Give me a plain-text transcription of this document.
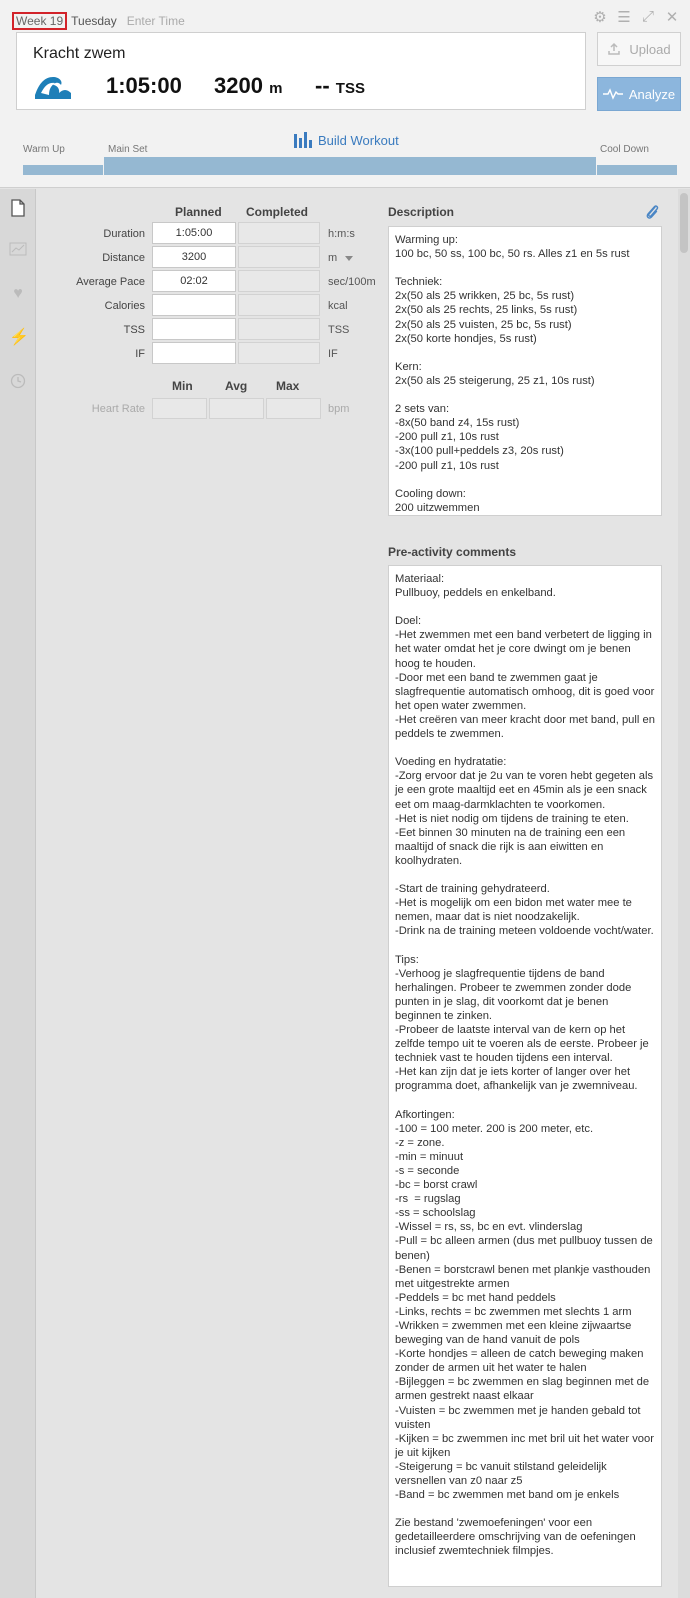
Week 19 Tuesday Enter Time	⚙ ☰ ⤢ ✕
Kracht zwem
1:05:00 3200 m -- TSS
Upload
Analyze
Build Workout
Warm Up	Main Set	Cool Down
♥
⚡
Planned Completed
Duration	1:05:00	h:m:s
Distance	3200	m
Average Pace	02:02	sec/100m
Calories	kcal
TSS	TSS
IF	IF
Min	Avg Max
Heart Rate	bpm
Description
Warming up:
100 bc, 50 ss, 100 bc, 50 rs. Alles z1 en 5s rust

Techniek:
2x(50 als 25 wrikken, 25 bc, 5s rust)
2x(50 als 25 rechts, 25 links, 5s rust)
2x(50 als 25 vuisten, 25 bc, 5s rust)
2x(50 korte hondjes, 5s rust)

Kern:
2x(50 als 25 steigerung, 25 z1, 10s rust)

2 sets van:
-8x(50 band z4, 15s rust)
-200 pull z1, 10s rust
-3x(100 pull+peddels z3, 20s rust)
-200 pull z1, 10s rust

Cooling down:
200 uitzwemmen
Pre-activity comments
Materiaal:
Pullbuoy, peddels en enkelband.

Doel:
-Het zwemmen met een band verbetert de ligging in het water omdat het je core dwingt om je benen hoog te houden.
-Door met een band te zwemmen gaat je slagfrequentie automatisch omhoog, dit is goed voor het open water zwemmen.
-Het creëren van meer kracht door met band, pull en peddels te zwemmen.

Voeding en hydratatie:
-Zorg ervoor dat je 2u van te voren hebt gegeten als je een grote maaltijd eet en 45min als je een snack eet om maag-darmklachten te voorkomen.
-Het is niet nodig om tijdens de training te eten.
-Eet binnen 30 minuten na de training een een maaltijd of snack die rijk is aan eiwitten en koolhydraten.

-Start de training gehydrateerd.
-Het is mogelijk om een bidon met water mee te nemen, maar dat is niet noodzakelijk.
-Drink na de training meteen voldoende vocht/water.

Tips:
-Verhoog je slagfrequentie tijdens de band herhalingen. Probeer te zwemmen zonder dode punten in je slag, dit voorkomt dat je benen beginnen te zinken.
-Probeer de laatste interval van de kern op het zelfde tempo uit te voeren als de eerste. Probeer je techniek vast te houden tijdens een interval.
-Het kan zijn dat je iets korter of langer over het programma doet, afhankelijk van je zwemniveau.

Afkortingen:
-100 = 100 meter. 200 is 200 meter, etc.
-z = zone.
-min = minuut
-s = seconde
-bc = borst crawl
-rs  = rugslag
-ss = schoolslag
-Wissel = rs, ss, bc en evt. vlinderslag
-Pull = bc alleen armen (dus met pullbuoy tussen de benen)
-Benen = borstcrawl benen met plankje vasthouden met uitgestrekte armen
-Peddels = bc met hand peddels
-Links, rechts = bc zwemmen met slechts 1 arm
-Wrikken = zwemmen met een kleine zijwaartse beweging van de hand vanuit de pols
-Korte hondjes = alleen de catch beweging maken zonder de armen uit het water te halen
-Bijleggen = bc zwemmen en slag beginnen met de armen gestrekt naast elkaar
-Vuisten = bc zwemmen met je handen gebald tot vuisten
-Kijken = bc zwemmen inc met bril uit het water voor je uit kijken
-Steigerung = bc vanuit stilstand geleidelijk versnellen van z0 naar z5
-Band = bc zwemmen met band om je enkels

Zie bestand 'zwemoefeningen' voor een gedetailleerdere omschrijving van de oefeningen inclusief zwemtechniek filmpjes.
